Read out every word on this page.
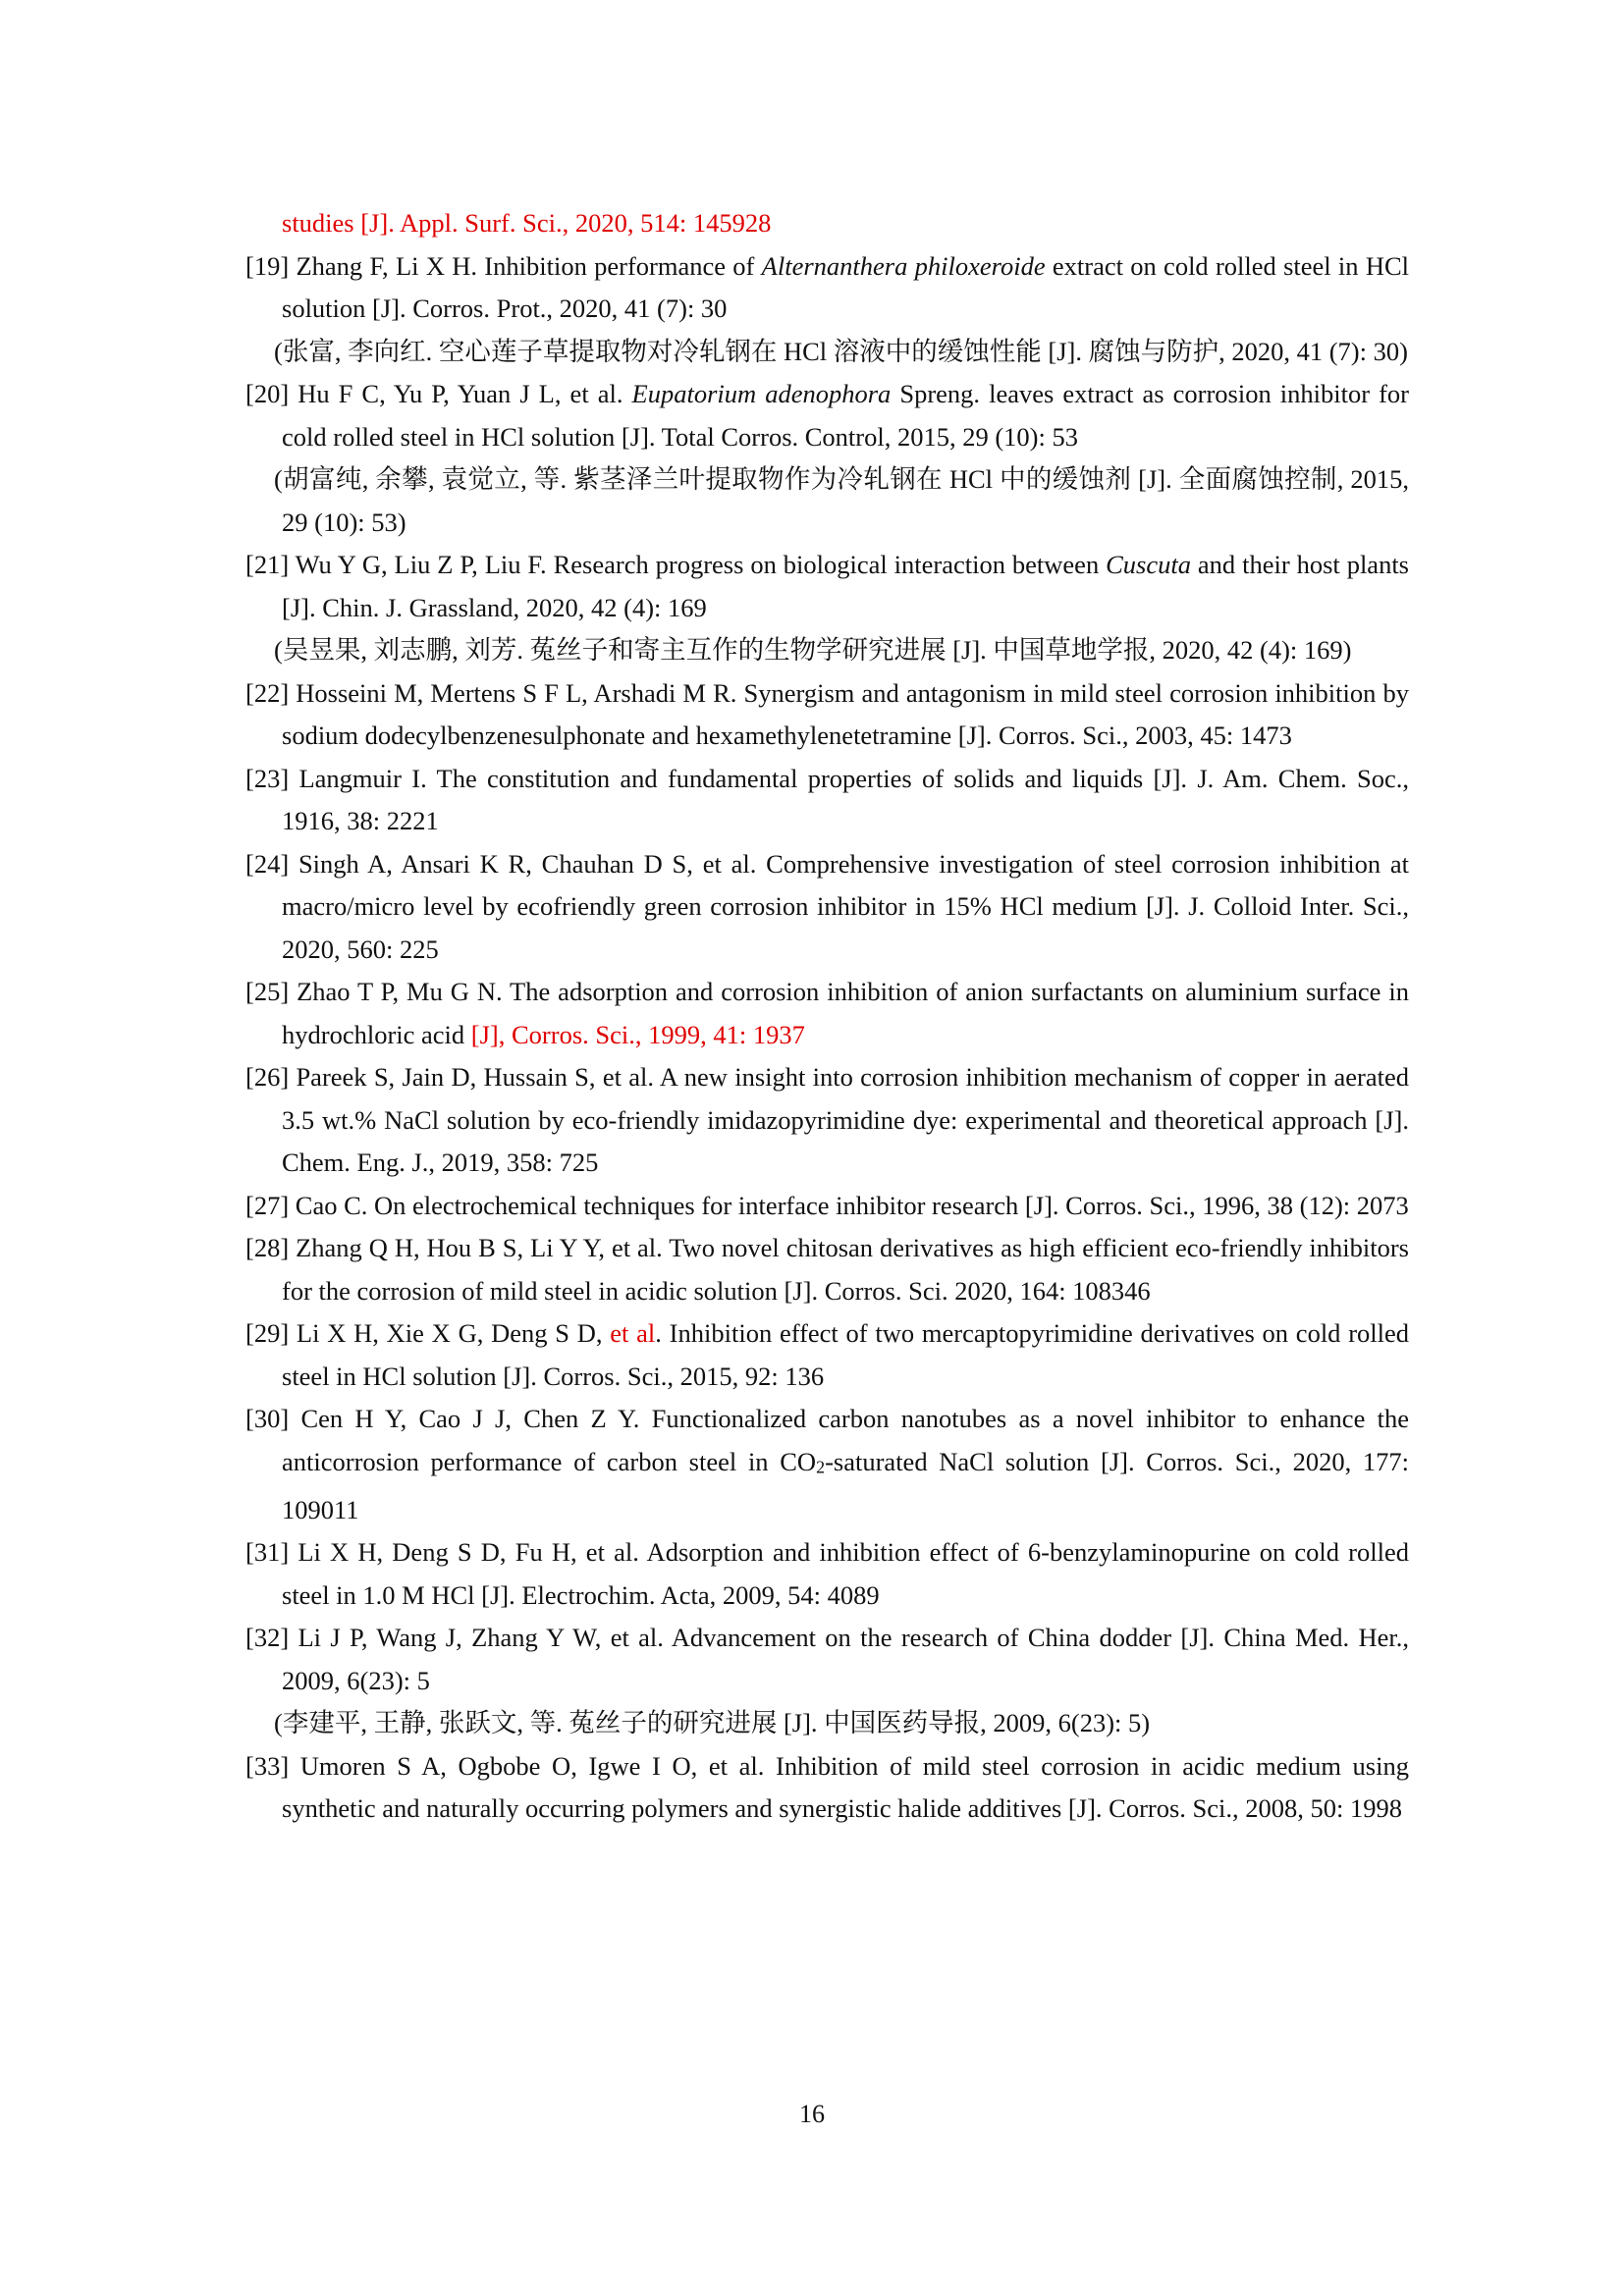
studies [J]. Appl. Surf. Sci., 2020, 514: 145928

[19] Zhang F, Li X H. Inhibition performance of Alternanthera philoxeroide extract on cold rolled steel in HCl solution [J]. Corros. Prot., 2020, 41 (7): 30

(张富, 李向红. 空心莲子草提取物对冷轧钢在 HCl 溶液中的缓蚀性能 [J]. 腐蚀与防护, 2020, 41 (7): 30)

[20] Hu F C, Yu P, Yuan J L, et al. Eupatorium adenophora Spreng. leaves extract as corrosion inhibitor for cold rolled steel in HCl solution [J]. Total Corros. Control, 2015, 29 (10): 53

(胡富纯, 余攀, 袁觉立, 等. 紫茎泽兰叶提取物作为冷轧钢在 HCl 中的缓蚀剂 [J]. 全面腐蚀控制, 2015, 29 (10): 53)

[21] Wu Y G, Liu Z P, Liu F. Research progress on biological interaction between Cuscuta and their host plants [J]. Chin. J. Grassland, 2020, 42 (4): 169

(吴昱果, 刘志鹏, 刘芳. 菟丝子和寄主互作的生物学研究进展 [J]. 中国草地学报, 2020, 42 (4): 169)

[22] Hosseini M, Mertens S F L, Arshadi M R. Synergism and antagonism in mild steel corrosion inhibition by sodium dodecylbenzenesulphonate and hexamethylenetetramine [J]. Corros. Sci., 2003, 45: 1473

[23] Langmuir I. The constitution and fundamental properties of solids and liquids [J]. J. Am. Chem. Soc., 1916, 38: 2221

[24] Singh A, Ansari K R, Chauhan D S, et al. Comprehensive investigation of steel corrosion inhibition at macro/micro level by ecofriendly green corrosion inhibitor in 15% HCl medium [J]. J. Colloid Inter. Sci., 2020, 560: 225

[25] Zhao T P, Mu G N. The adsorption and corrosion inhibition of anion surfactants on aluminium surface in hydrochloric acid [J], Corros. Sci., 1999, 41: 1937

[26] Pareek S, Jain D, Hussain S, et al. A new insight into corrosion inhibition mechanism of copper in aerated 3.5 wt.% NaCl solution by eco-friendly imidazopyrimidine dye: experimental and theoretical approach [J]. Chem. Eng. J., 2019, 358: 725

[27] Cao C. On electrochemical techniques for interface inhibitor research [J]. Corros. Sci., 1996, 38 (12): 2073

[28] Zhang Q H, Hou B S, Li Y Y, et al. Two novel chitosan derivatives as high efficient eco-friendly inhibitors for the corrosion of mild steel in acidic solution [J]. Corros. Sci. 2020, 164: 108346

[29] Li X H, Xie X G, Deng S D, et al. Inhibition effect of two mercaptopyrimidine derivatives on cold rolled steel in HCl solution [J]. Corros. Sci., 2015, 92: 136

[30] Cen H Y, Cao J J, Chen Z Y. Functionalized carbon nanotubes as a novel inhibitor to enhance the anticorrosion performance of carbon steel in CO2-saturated NaCl solution [J]. Corros. Sci., 2020, 177: 109011

[31] Li X H, Deng S D, Fu H, et al. Adsorption and inhibition effect of 6-benzylaminopurine on cold rolled steel in 1.0 M HCl [J]. Electrochim. Acta, 2009, 54: 4089

[32] Li J P, Wang J, Zhang Y W, et al. Advancement on the research of China dodder [J]. China Med. Her., 2009, 6(23): 5

(李建平, 王静, 张跃文, 等. 菟丝子的研究进展 [J]. 中国医药导报, 2009, 6(23): 5)

[33] Umoren S A, Ogbobe O, Igwe I O, et al. Inhibition of mild steel corrosion in acidic medium using synthetic and naturally occurring polymers and synergistic halide additives [J]. Corros. Sci., 2008, 50: 1998

16
